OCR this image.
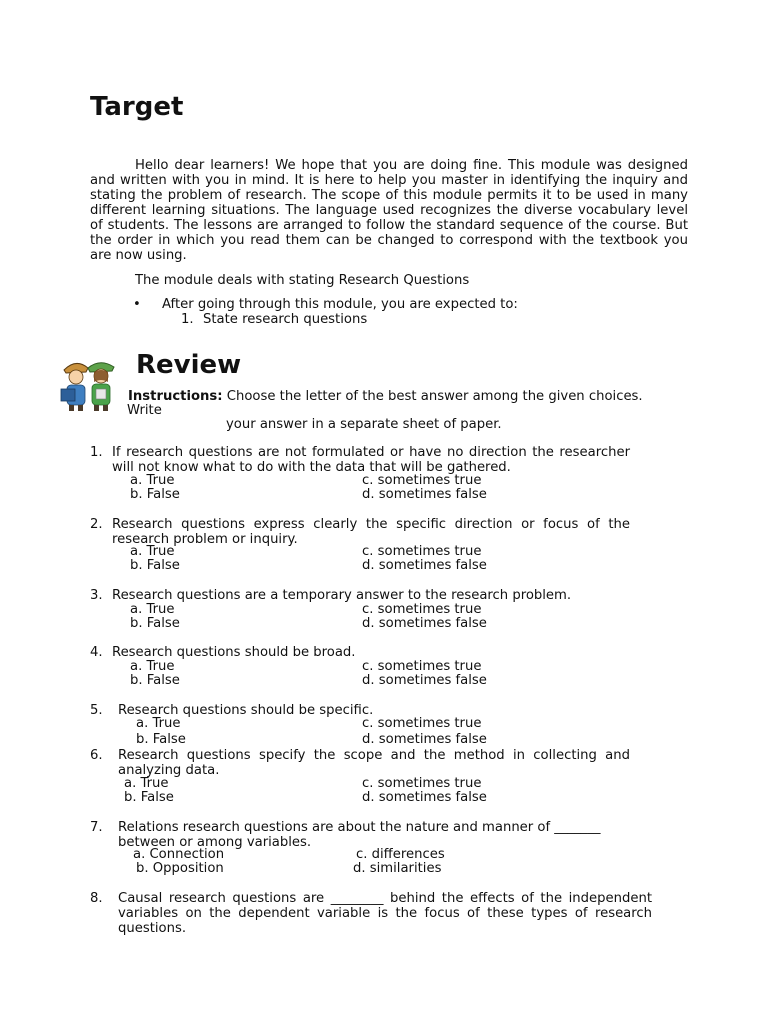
Target
Hello dear learners! We hope that you are doing fine. This module was designed and written with you in mind. It is here to help you master in identifying the inquiry and stating the problem of research. The scope of this module permits it to be used in many different learning situations. The language used recognizes the diverse vocabulary level of students. The lessons are arranged to follow the standard sequence of the course. But the order in which you read them can be changed to correspond with the textbook you are now using.
The module deals with stating Research Questions
• After going through this module, you are expected to:
1. State research questions
Review
Instructions: Choose the letter of the best answer among the given choices.
Write
your answer in a separate sheet of paper.
1. If research questions are not formulated or have no direction the researcher will not know what to do with the data that will be gathered.
a. True	c. sometimes true
b. False	d. sometimes false
2. Research questions express clearly the specific direction or focus of the research problem or inquiry.
a. True	c. sometimes true
b. False	d. sometimes false
3. Research questions are a temporary answer to the research problem.
a. True	c. sometimes true
b. False	d. sometimes false
4. Research questions should be broad.
a. True	c. sometimes true
b. False	d. sometimes false
5. Research questions should be specific.
a. True	c. sometimes true
b. False	d. sometimes false
6. Research questions specify the scope and the method in collecting and analyzing data.
a. True	c. sometimes true
b. False	d. sometimes false
7. Relations research questions are about the nature and manner of _______ between or among variables.
a. Connection	c. differences
b. Opposition	d. similarities
8. Causal research questions are ________ behind the effects of the independent variables on the dependent variable is the focus of these types of research questions.
